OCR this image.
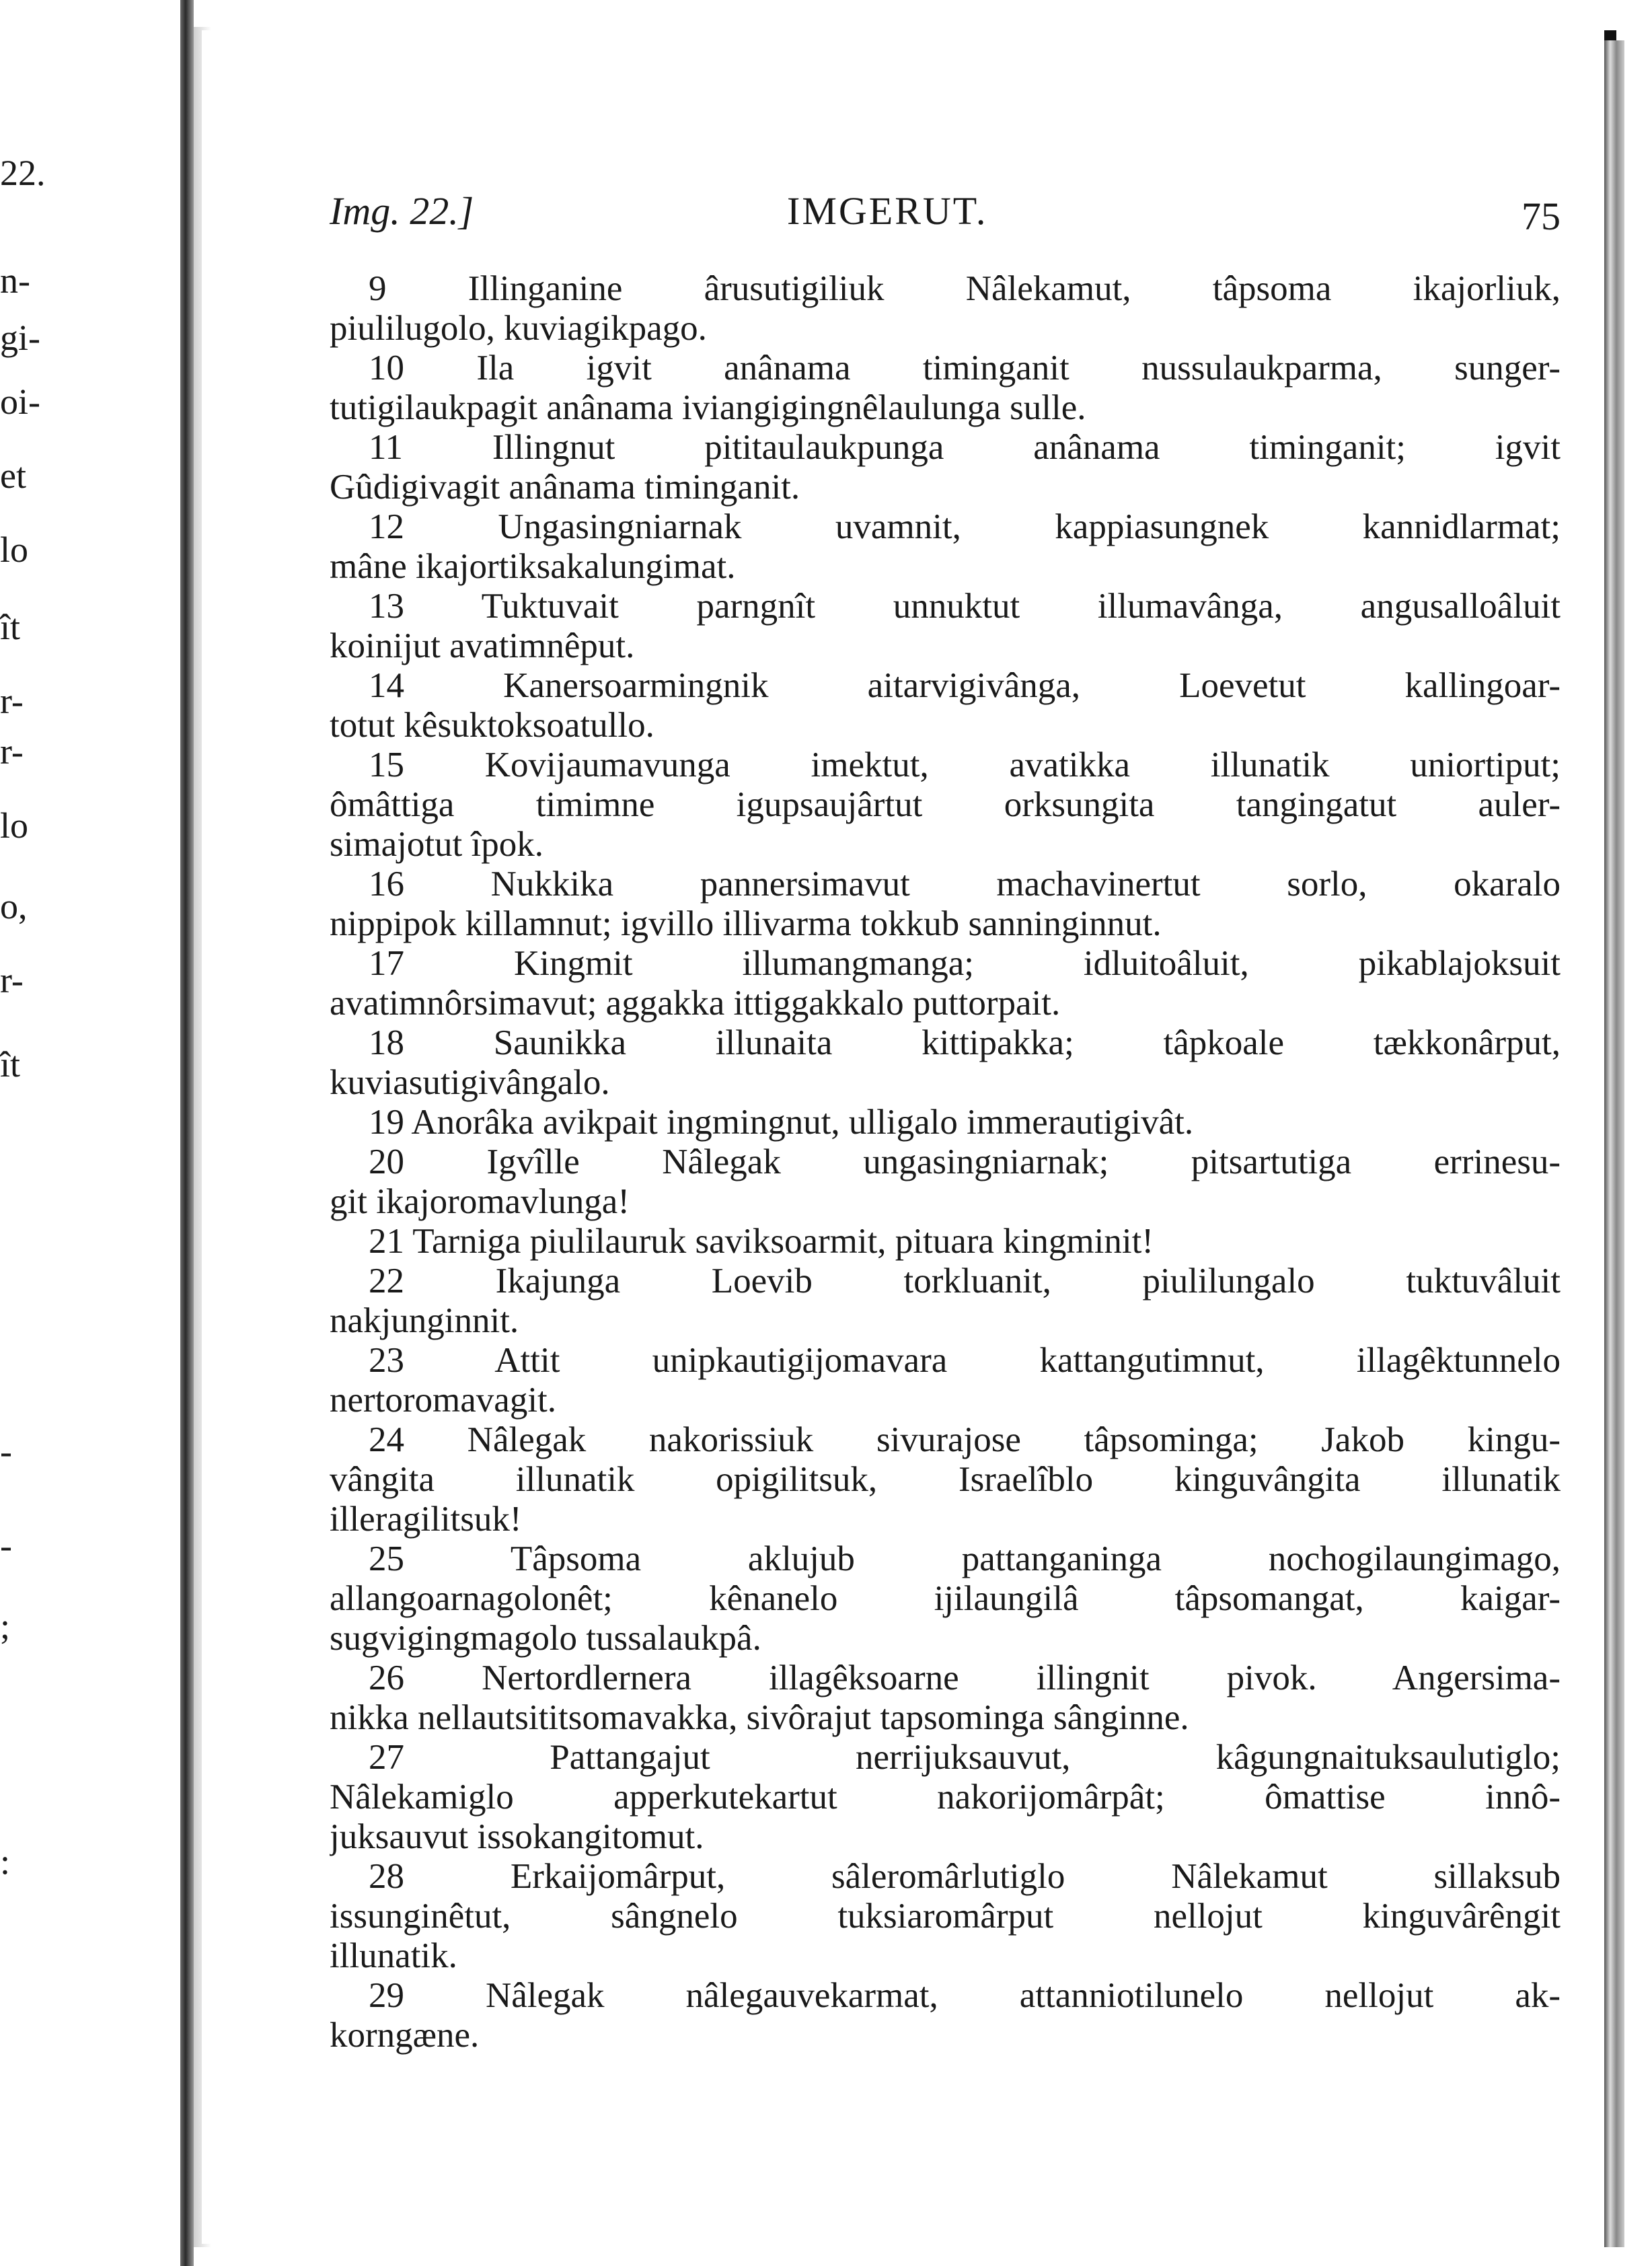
22.
n-
gi-
oi-
et
lo
ît
r-
r-
lo
o,
r-
ît
-
-
;
:
Img. 22.]	IMGERUT.	75
9 Illinganine ârusutigiliuk Nâlekamut, tâpsoma ikajorliuk,
piulilugolo, kuviagikpago.
10 Ila igvit anânama timinganit nussulaukparma, sunger-
tutigilaukpagit anânama iviangigingnêlaulunga sulle.
11 Illingnut pititaulaukpunga anânama timinganit; igvit
Gûdigivagit anânama timinganit.
12 Ungasingniarnak uvamnit, kappiasungnek kannidlarmat;
mâne ikajortiksakalungimat.
13 Tuktuvait parngnît unnuktut illumavânga, angusalloâluit
koinijut avatimnêput.
14 Kanersoarmingnik aitarvigivânga, Loevetut kallingoar-
totut kêsuktoksoatullo.
15 Kovijaumavunga imektut, avatikka illunatik uniortiput;
ômâttiga timimne igupsaujârtut orksungita tangingatut auler-
simajotut îpok.
16 Nukkika pannersimavut machavinertut sorlo, okaralo
nippipok killamnut; igvillo illivarma tokkub sanninginnut.
17 Kingmit illumangmanga; idluitoâluit, pikablajoksuit
avatimnôrsimavut; aggakka ittiggakkalo puttorpait.
18 Saunikka illunaita kittipakka; tâpkoale tækkonârput,
kuviasutigivângalo.
19 Anorâka avikpait ingmingnut, ulligalo immerautigivât.
20 Igvîlle Nâlegak ungasingniarnak; pitsartutiga errinesu-
git ikajoromavlunga!
21 Tarniga piulilauruk saviksoarmit, pituara kingminit!
22 Ikajunga Loevib torkluanit, piulilungalo tuktuvâluit
nakjunginnit.
23 Attit unipkautigijomavara kattangutimnut, illagêktunnelo
nertoromavagit.
24 Nâlegak nakorissiuk sivurajose tâpsominga; Jakob kingu-
vângita illunatik opigilitsuk, Israelîblo kinguvângita illunatik
illeragilitsuk!
25 Tâpsoma aklujub pattanganinga nochogilaungimago,
allangoarnagolonêt; kênanelo ijilaungilâ tâpsomangat, kaigar-
sugvigingmagolo tussalaukpâ.
26 Nertordlernera illagêksoarne illingnit pivok. Angersima-
nikka nellautsititsomavakka, sivôrajut tapsominga sânginne.
27 Pattangajut nerrijuksauvut, kâgungnaituksaulutiglo;
Nâlekamiglo apperkutekartut nakorijomârpât; ômattise innô-
juksauvut issokangitomut.
28 Erkaijomârput, sâleromârlutiglo Nâlekamut sillaksub
issunginêtut, sângnelo tuksiaromârput nellojut kinguvârêngit
illunatik.
29 Nâlegak nâlegauvekarmat, attanniotilunelo nellojut ak-
korngæne.
